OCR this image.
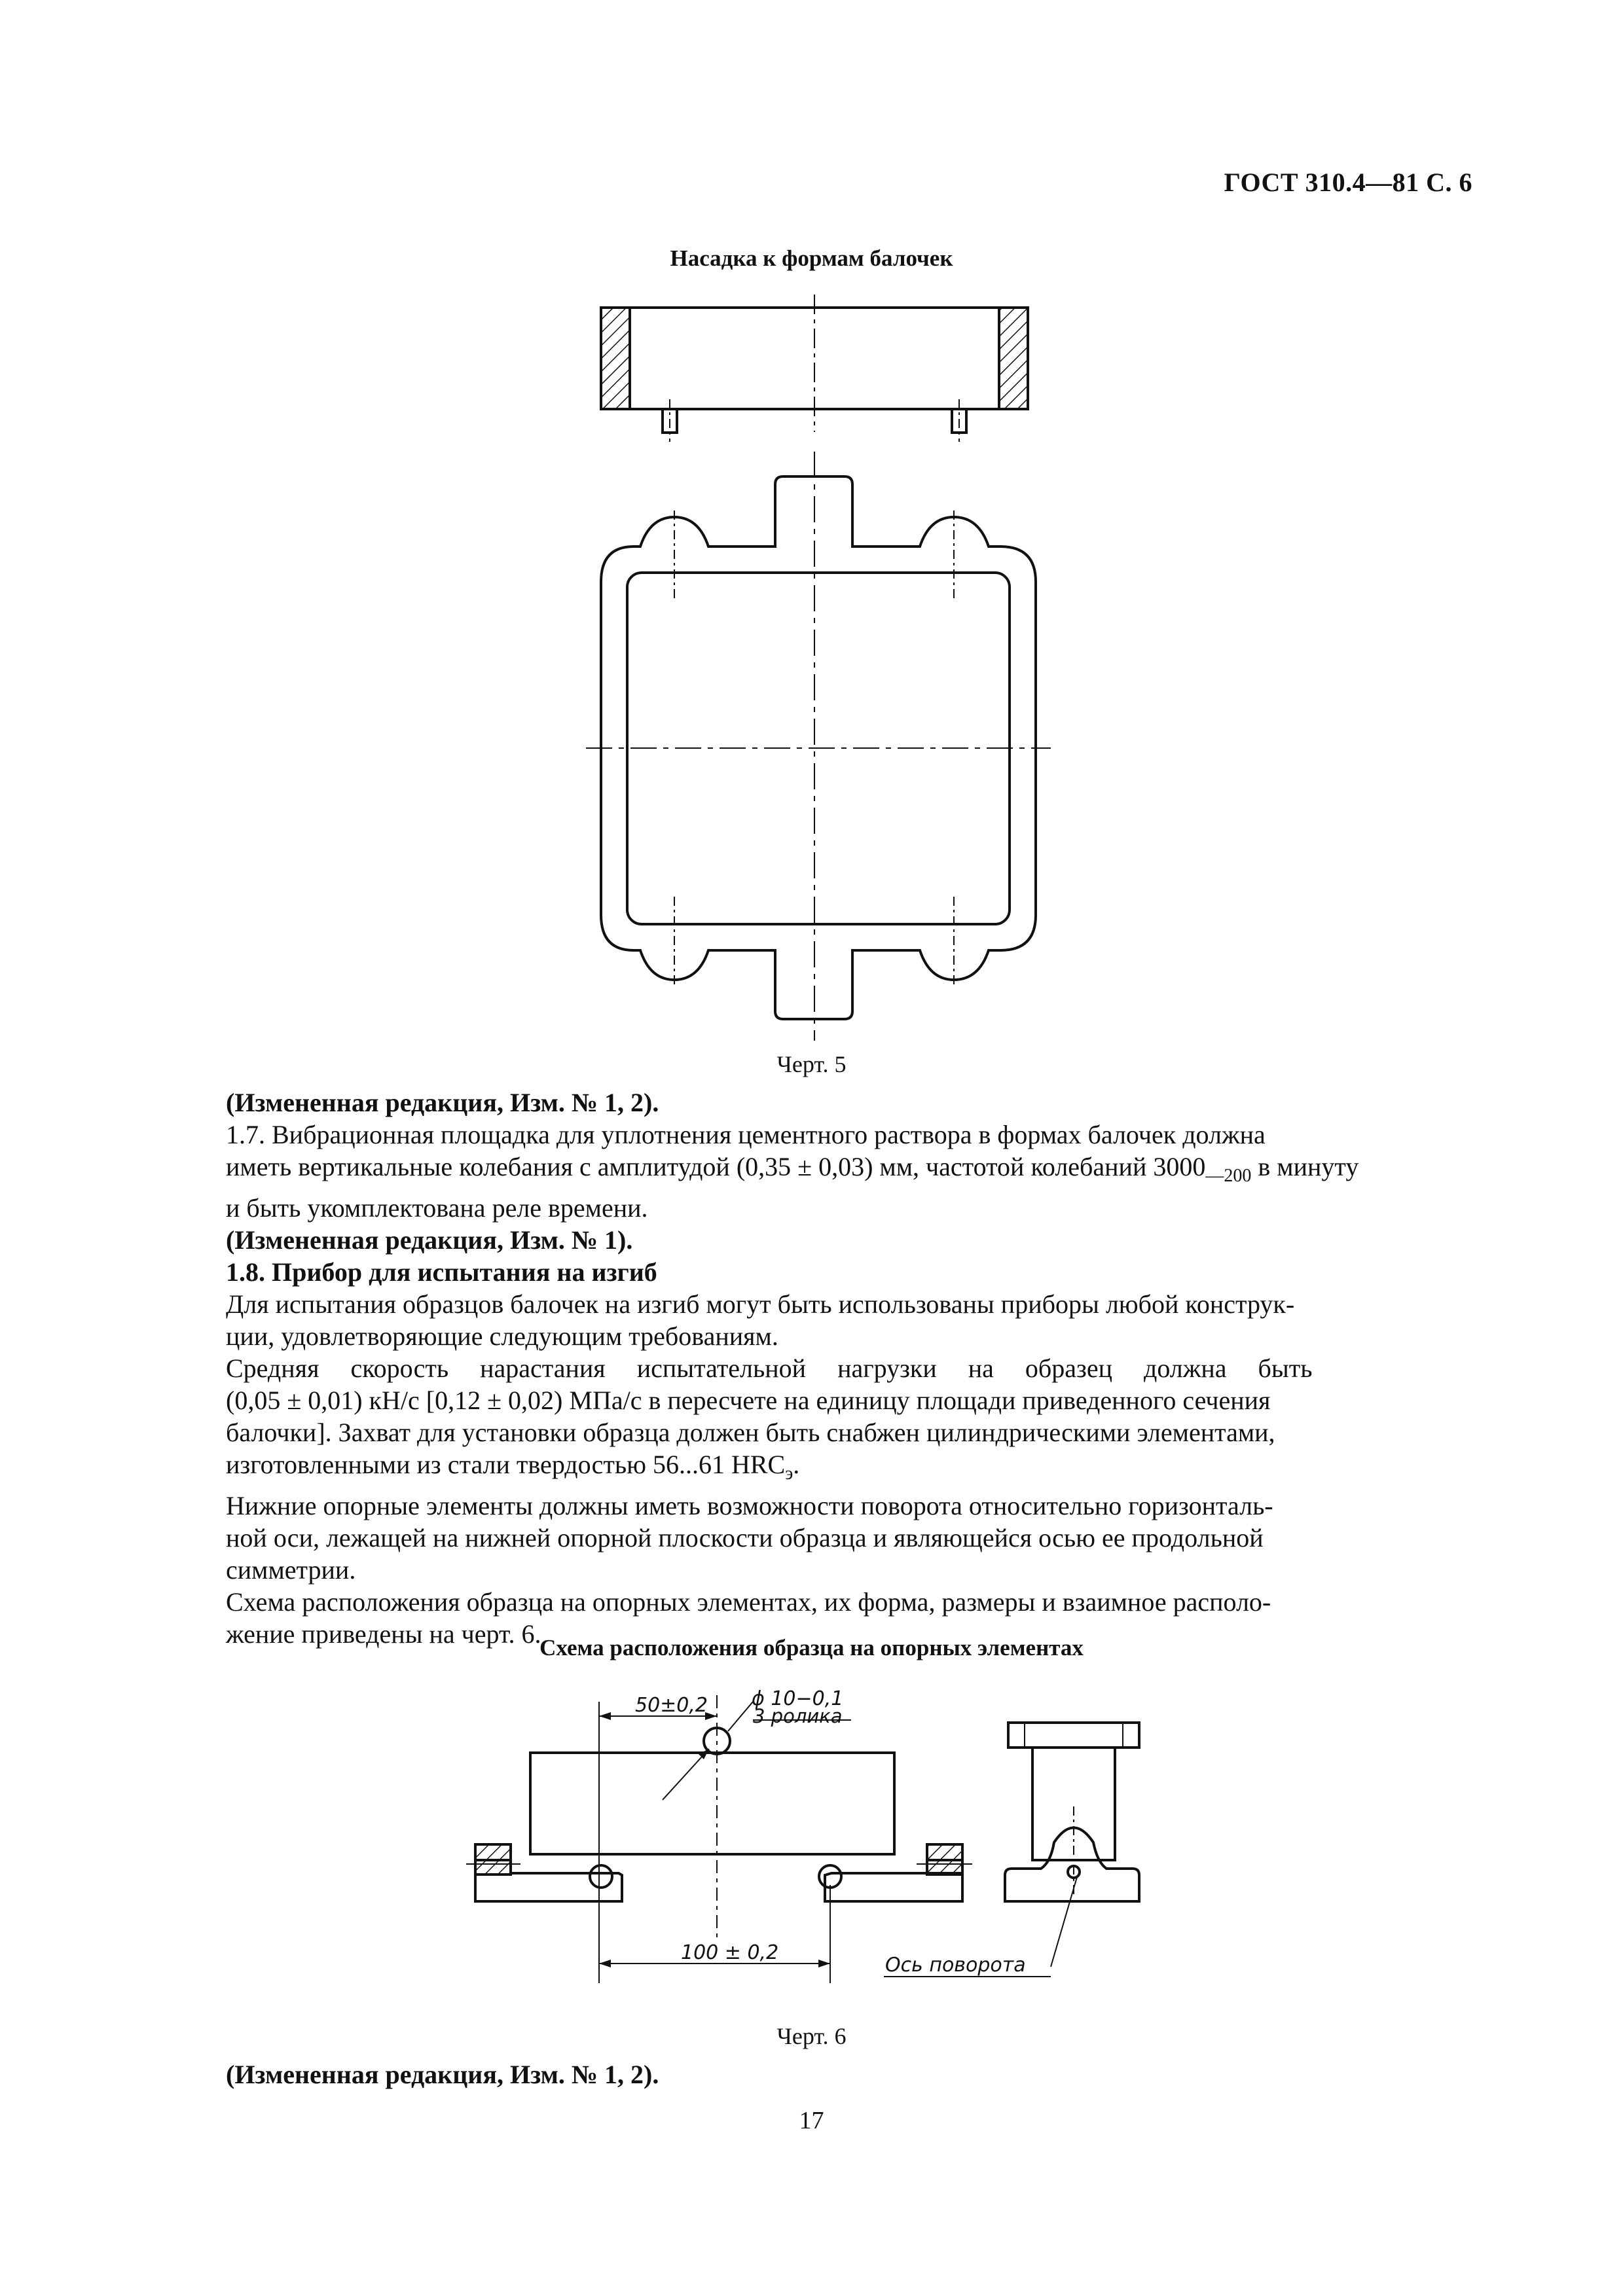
ГОСТ 310.4—81 С. 6
Насадка к формам балочек
50±0,2 ϕ 10−0,1
3 ролика
100 ± 0,2
Ось поворота
Черт. 5

(Измененная редакция, Изм. № 1, 2).

1.7. Вибрационная площадка для уплотнения цементного раствора в формах балочек должна
иметь вертикальные колебания с амплитудой (0,35 ± 0,03) мм, частотой колебаний $3000_{—200}$ в минуту
и быть укомплектована реле времени.

(Измененная редакция, Изм. № 1).

1.8. Прибор для испытания на изгиб

Для испытания образцов балочек на изгиб могут быть использованы приборы любой конструк-
ции, удовлетворяющие следующим требованиям.

Средняя скорость нарастания испытательной нагрузки на образец должна быть
(0,05 ± 0,01) кН/с [0,12 ± 0,02) МПа/с в пересчете на единицу площади приведенного сечения
балочки]. Захват для установки образца должен быть снабжен цилиндрическими элементами,
изготовленными из стали твердостью 56...61 $HRC_э$.

Нижние опорные элементы должны иметь возможности поворота относительно горизонталь-
ной оси, лежащей на нижней опорной плоскости образца и являющейся осью ее продольной
симметрии.

Схема расположения образца на опорных элементах, их форма, размеры и взаимное располо-
жение приведены на черт. 6.

Схема расположения образца на опорных элементах
Черт. 6
(Измененная редакция, Изм. № 1, 2).
17
